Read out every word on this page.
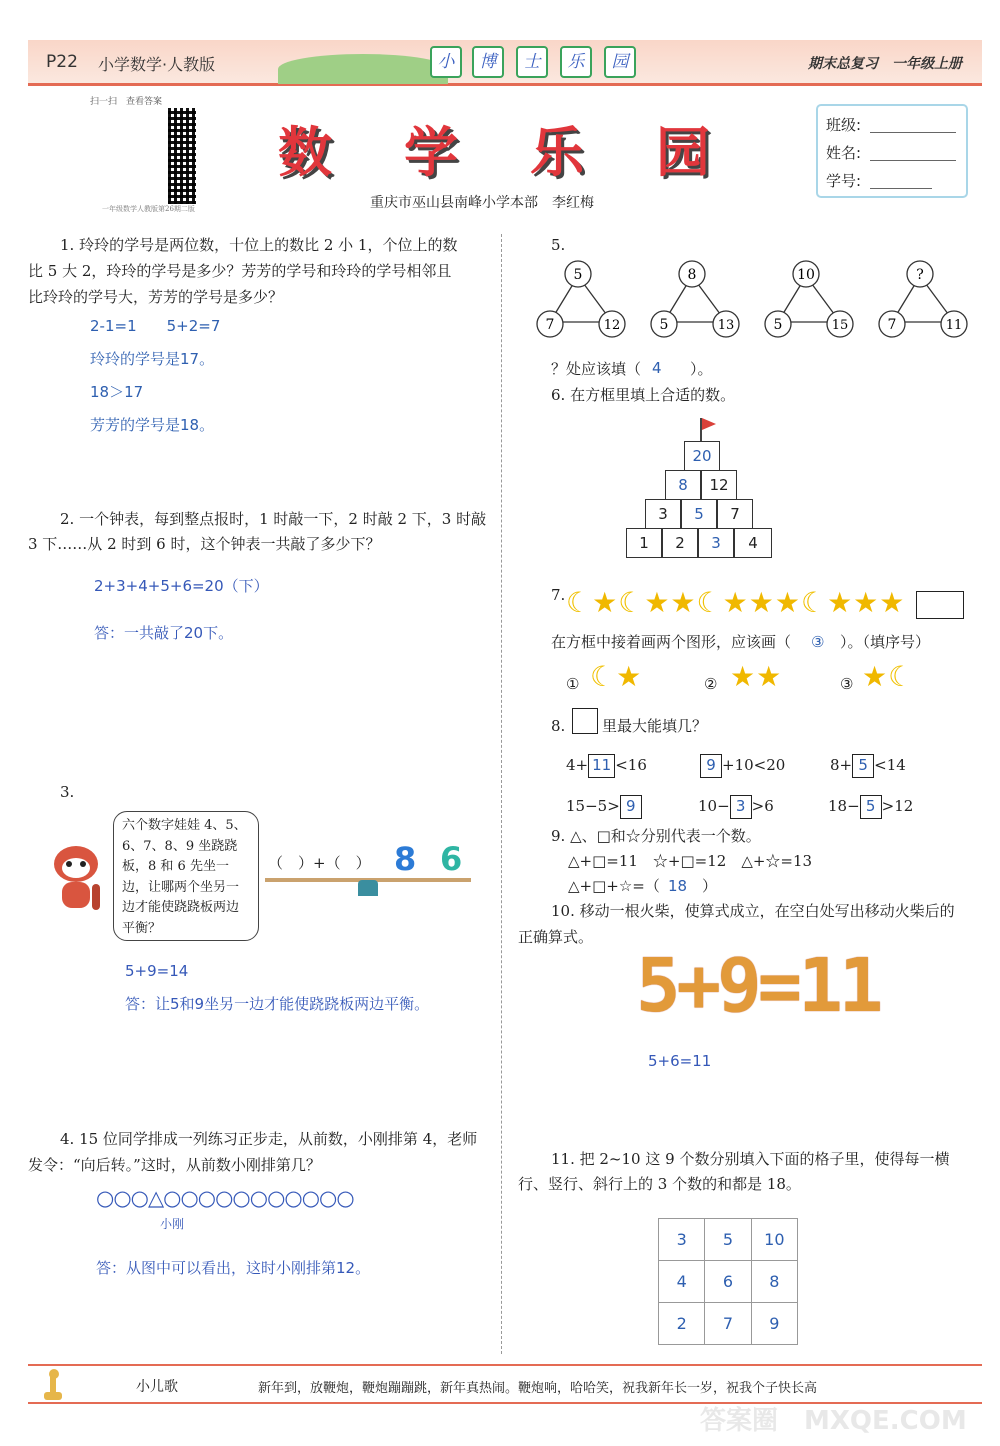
P22 小学数学·人教版	小	博	士	乐	园	期末总复习　一年级上册
扫一扫　查看答案
一年级数学人教版第26期二版
数 学 乐 园
重庆市巫山县南峰小学本部　李红梅
班级:
姓名:
学号:
1. 玲玲的学号是两位数，十位上的数比 2 小 1，个位上的数
比 5 大 2，玲玲的学号是多少？芳芳的学号和玲玲的学号相邻且
比玲玲的学号大，芳芳的学号是多少？
2-1=1　　5+2=7
玲玲的学号是17。
18＞17
芳芳的学号是18。
2. 一个钟表，每到整点报时，1 时敲一下，2 时敲 2 下，3 时敲
3 下……从 2 时到 6 时，这个钟表一共敲了多少下？
2+3+4+5+6=20（下）
答：一共敲了20下。
3.
六个数字娃娃 4、5、6、7、8、9 坐跷跷板，8 和 6 先坐一边，让哪两个坐另一边才能使跷跷板两边平衡？
（　）+（　） 8 6
5+9=14
答：让5和9坐另一边才能使跷跷板两边平衡。
4. 15 位同学排成一列练习正步走，从前数，小刚排第 4，老师
发令：“向后转。”这时，从前数小刚排第几？
○○○△○○○○○○○○○○○
小刚
答：从图中可以看出，这时小刚排第12。
5.
5
7	12
8
5	13
10
5	15
?
7	11
？处应该填（ 4 ）。
6. 在方框里填上合适的数。
20
8	12
3	5	7
1	2	3	4
7. ☾★☾★★☾★★★☾★★★
在方框中接着画两个图形，应该画（ ③ ）。（填序号）
① ☾★	② ★★	③ ★☾
8. 里最大能填几？
4+ 11 <16	9 +10<20	8+ 5 <14
15−5> 9	10− 3 >6	18− 5 >12
9. △、□和☆分别代表一个数。
△+□=11　☆+□=12　△+☆=13
△+□+☆=（ 18 ）
10. 移动一根火柴，使算式成立，在空白处写出移动火柴后的
正确算式。
5+9=11
5+6=11
11. 把 2~10 这 9 个数分别填入下面的格子里，使得每一横
行、竖行、斜行上的 3 个数的和都是 18。
3	5	10
4	6	8
2	7	9
小儿歌	新年到，放鞭炮，鞭炮蹦蹦跳，新年真热闹。鞭炮响，哈哈笑，祝我新年长一岁，祝我个子快长高
答案圈　MXQE.COM
